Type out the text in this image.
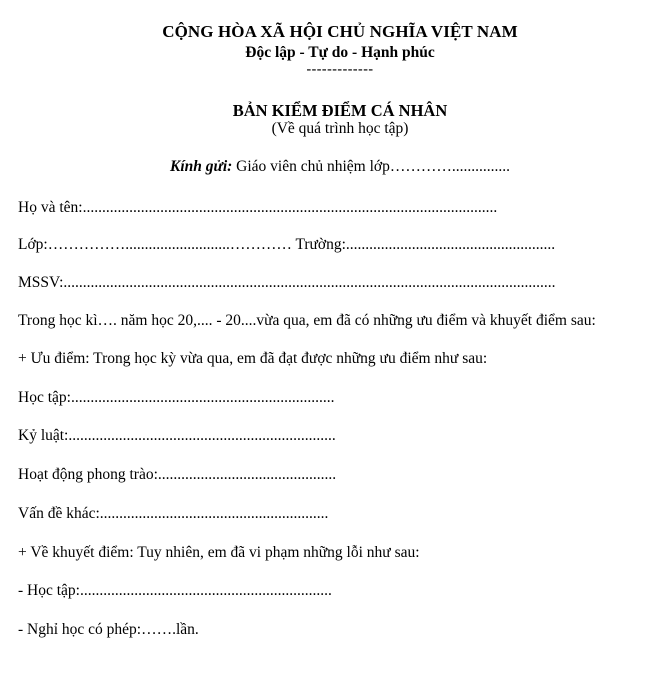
CỘNG HÒA XÃ HỘI CHỦ NGHĨA VIỆT NAM
Độc lập - Tự do - Hạnh phúc
-------------
BẢN KIỂM ĐIỂM CÁ NHÂN
(Về quá trình học tập)
Kính gửi: Giáo viên chủ nhiệm lớp…………...............
Họ và tên:...........................................................................................................
Lớp:……………...........................………… Trường:......................................................
MSSV:...............................................................................................................................
Trong học kì…. năm học 20,.... - 20....vừa qua, em đã có những ưu điểm và khuyết điểm sau:
+ Ưu điểm: Trong học kỳ vừa qua, em đã đạt được những ưu điểm như sau:
Học tập:....................................................................
Kỷ luật:.....................................................................
Hoạt động phong trào:..............................................
Vấn đề khác:...........................................................
+ Về khuyết điểm: Tuy nhiên, em đã vi phạm những lỗi như sau:
- Học tập:.................................................................
- Nghỉ học có phép:…….lần.
